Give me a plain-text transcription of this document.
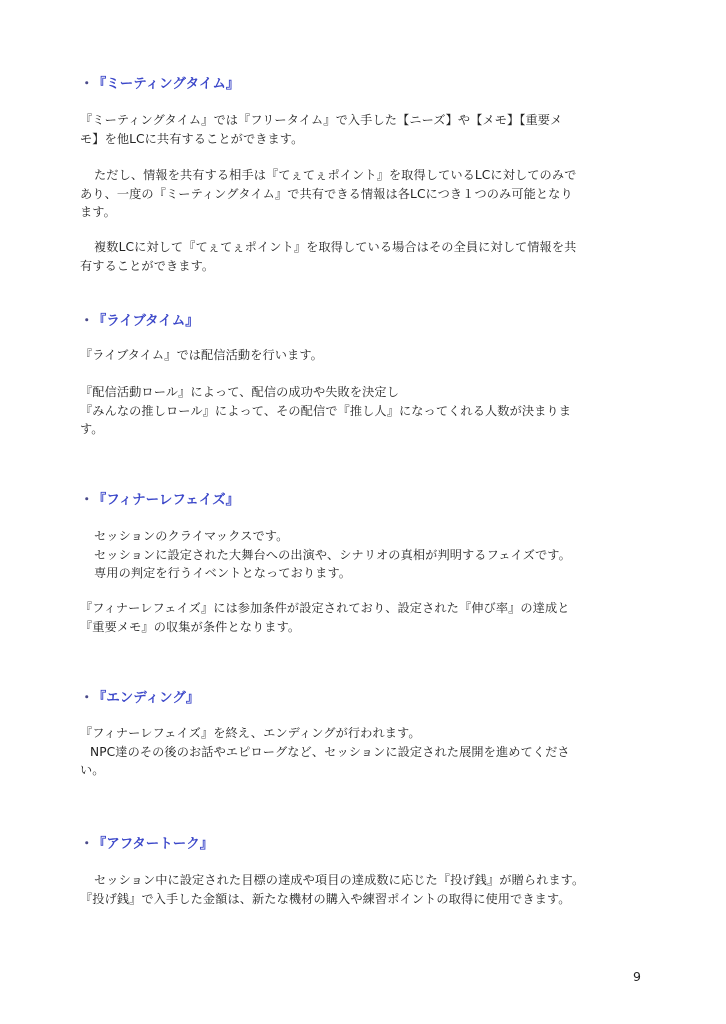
・ 『ミーティングタイム』

『ミーティングタイム』では『フリータイム』で入手した【ニーズ】や【メモ】【重要メ
モ】を他LCに共有することができます。

ただし、情報を共有する相手は『てぇてぇポイント』を取得しているLCに対してのみで
あり、一度の『ミーティングタイム』で共有できる情報は各LCにつき１つのみ可能となり
ます。

複数LCに対して『てぇてぇポイント』を取得している場合はその全員に対して情報を共
有することができます。

・ 『ライブタイム』

『ライブタイム』では配信活動を行います。

『配信活動ロール』によって、配信の成功や失敗を決定し
『みんなの推しロール』によって、その配信で『推し人』になってくれる人数が決まりま
す。

・ 『フィナーレフェイズ』

セッションのクライマックスです。
セッションに設定された大舞台への出演や、シナリオの真相が判明するフェイズです。
専用の判定を行うイベントとなっております。

『フィナーレフェイズ』には参加条件が設定されており、設定された『伸び率』の達成と
『重要メモ』の収集が条件となります。

・ 『エンディング』

『フィナーレフェイズ』を終え、エンディングが行われます。
NPC達のその後のお話やエピローグなど、セッションに設定された展開を進めてくださ
い。

・ 『アフタートーク』

セッション中に設定された目標の達成や項目の達成数に応じた『投げ銭』が贈られます。
『投げ銭』で入手した金額は、新たな機材の購入や練習ポイントの取得に使用できます。

9
